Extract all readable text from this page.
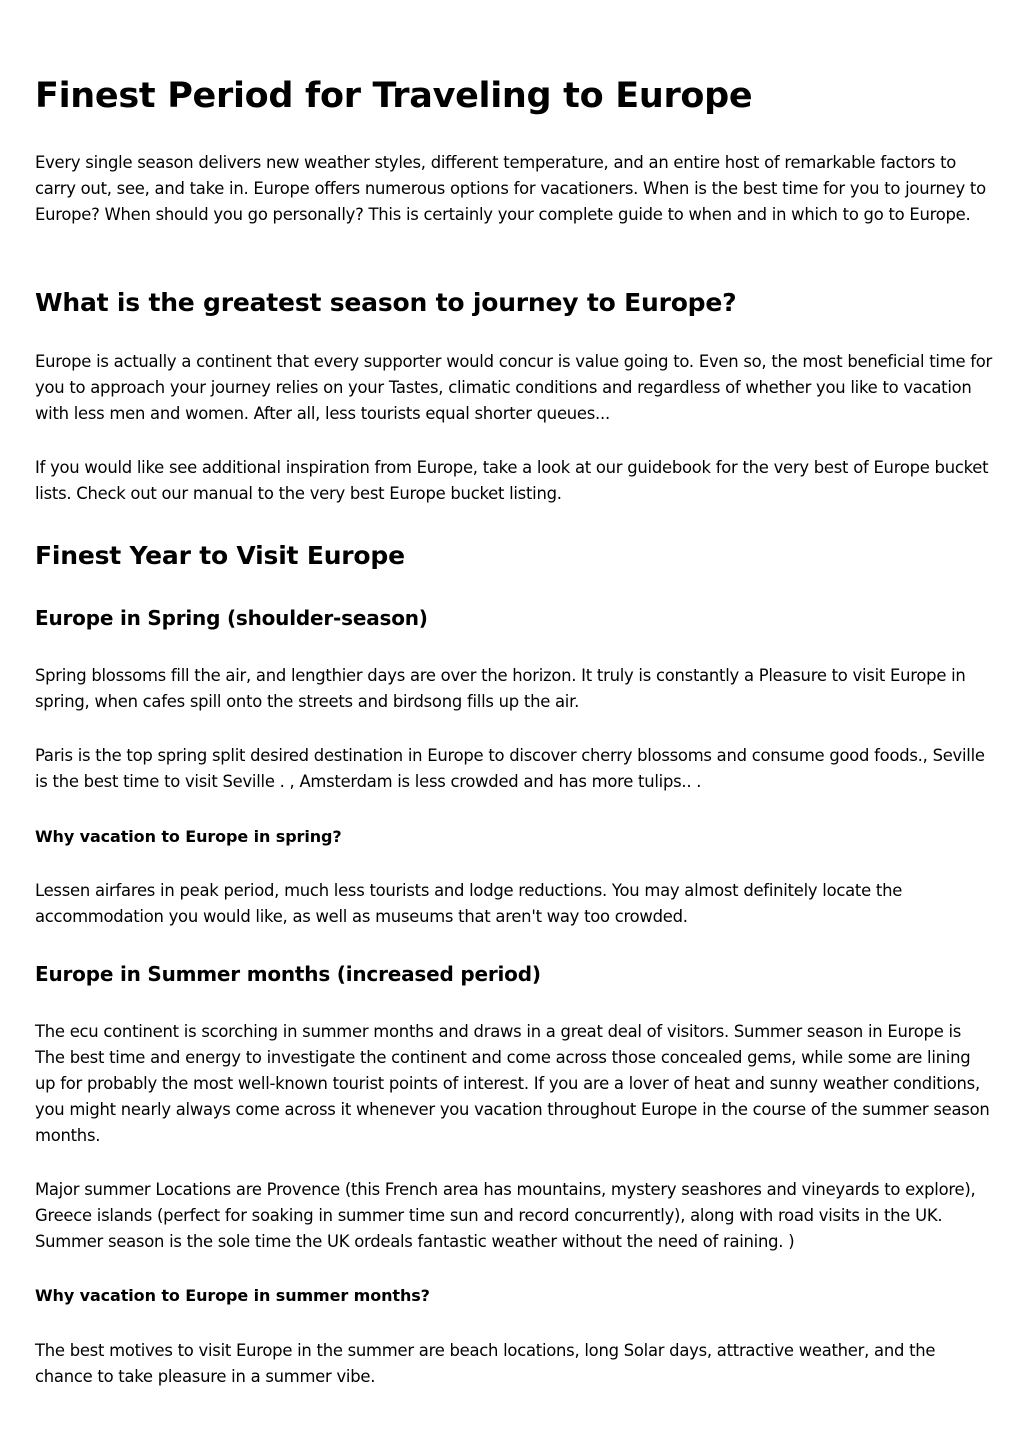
Finest Period for Traveling to Europe

Every single season delivers new weather styles, different temperature, and an entire host of remarkable factors to carry out, see, and take in. Europe offers numerous options for vacationers. When is the best time for you to journey to Europe? When should you go personally? This is certainly your complete guide to when and in which to go to Europe.

What is the greatest season to journey to Europe?

Europe is actually a continent that every supporter would concur is value going to. Even so, the most beneficial time for you to approach your journey relies on your Tastes, climatic conditions and regardless of whether you like to vacation with less men and women. After all, less tourists equal shorter queues...

If you would like see additional inspiration from Europe, take a look at our guidebook for the very best of Europe bucket lists. Check out our manual to the very best Europe bucket listing.

Finest Year to Visit Europe
Europe in Spring (shoulder-season)

Spring blossoms fill the air, and lengthier days are over the horizon. It truly is constantly a Pleasure to visit Europe in spring, when cafes spill onto the streets and birdsong fills up the air.

Paris is the top spring split desired destination in Europe to discover cherry blossoms and consume good foods., Seville is the best time to visit Seville . , Amsterdam is less crowded and has more tulips.. .

Why vacation to Europe in spring?

Lessen airfares in peak period, much less tourists and lodge reductions. You may almost definitely locate the accommodation you would like, as well as museums that aren't way too crowded.

Europe in Summer months (increased period)

The ecu continent is scorching in summer months and draws in a great deal of visitors. Summer season in Europe is The best time and energy to investigate the continent and come across those concealed gems, while some are lining up for probably the most well-known tourist points of interest. If you are a lover of heat and sunny weather conditions, you might nearly always come across it whenever you vacation throughout Europe in the course of the summer season months.

Major summer Locations are Provence (this French area has mountains, mystery seashores and vineyards to explore), Greece islands (perfect for soaking in summer time sun and record concurrently), along with road visits in the UK. Summer season is the sole time the UK ordeals fantastic weather without the need of raining. )

Why vacation to Europe in summer months?

The best motives to visit Europe in the summer are beach locations, long Solar days, attractive weather, and the chance to take pleasure in a summer vibe.
